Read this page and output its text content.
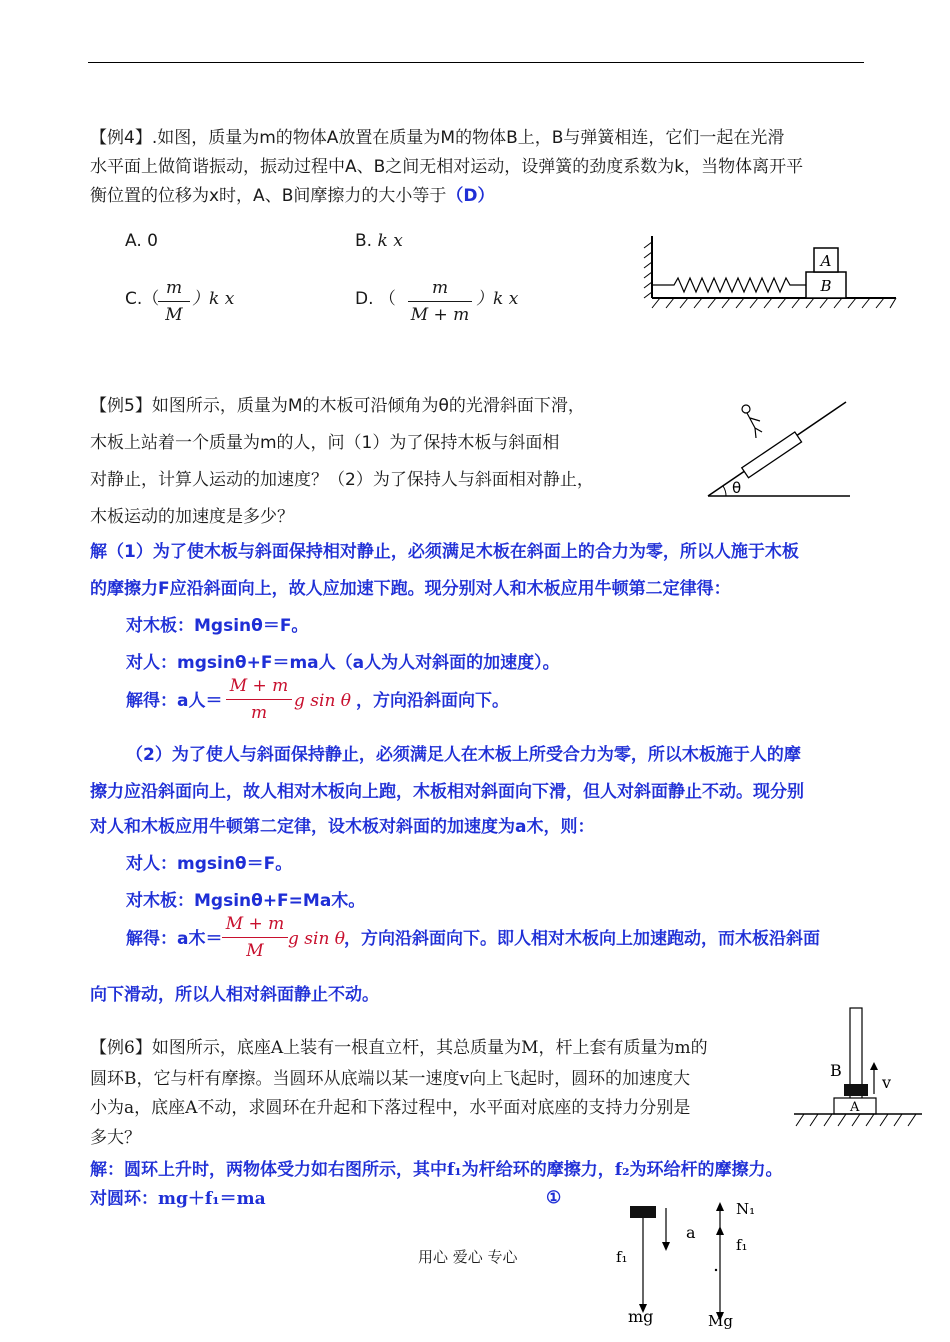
【例4】.如图，质量为m的物体A放置在质量为M的物体B上，B与弹簧相连，它们一起在光滑
水平面上做简谐振动，振动过程中A、B之间无相对运动，设弹簧的劲度系数为k，当物体离开平
衡位置的位移为x时，A、B间摩擦力的大小等于（D）
A. 0	B. k x
C.（
m
M
）k x	D. （
m
M + m
）k x
A
B
【例5】如图所示，质量为M的木板可沿倾角为θ的光滑斜面下滑，
木板上站着一个质量为m的人，问（1）为了保持木板与斜面相
对静止，计算人运动的加速度？（2）为了保持人与斜面相对静止，
木板运动的加速度是多少？
θ
解（1）为了使木板与斜面保持相对静止，必须满足木板在斜面上的合力为零，所以人施于木板
的摩擦力F应沿斜面向上，故人应加速下跑。现分别对人和木板应用牛顿第二定律得：
对木板：Mgsinθ＝F。
对人：mgsinθ+F＝ma人（a人为人对斜面的加速度）。
解得：a人＝
M + m
m
g sin θ ，方向沿斜面向下。
（2）为了使人与斜面保持静止，必须满足人在木板上所受合力为零，所以木板施于人的摩
擦力应沿斜面向上，故人相对木板向上跑，木板相对斜面向下滑，但人对斜面静止不动。现分别
对人和木板应用牛顿第二定律，设木板对斜面的加速度为a木，则：
对人：mgsinθ＝F。
对木板：Mgsinθ+F=Ma木。
解得：a木＝
M + m
M
g sin θ
，方向沿斜面向下。即人相对木板向上加速跑动，而木板沿斜面
向下滑动，所以人相对斜面静止不动。
【例6】如图所示，底座A上装有一根直立杆，其总质量为M，杆上套有质量为m的
圆环B，它与杆有摩擦。当圆环从底端以某一速度v向上飞起时，圆环的加速度大
小为a，底座A不动，求圆环在升起和下落过程中，水平面对底座的支持力分别是
多大？
B
A
v
解：圆环上升时，两物体受力如右图所示，其中f₁为杆给环的摩擦力，f₂为环给杆的摩擦力。
对圆环：mg＋f₁＝ma	①
a
f₁
mg
N₁
f₁
Mg
用心 爱心 专心
